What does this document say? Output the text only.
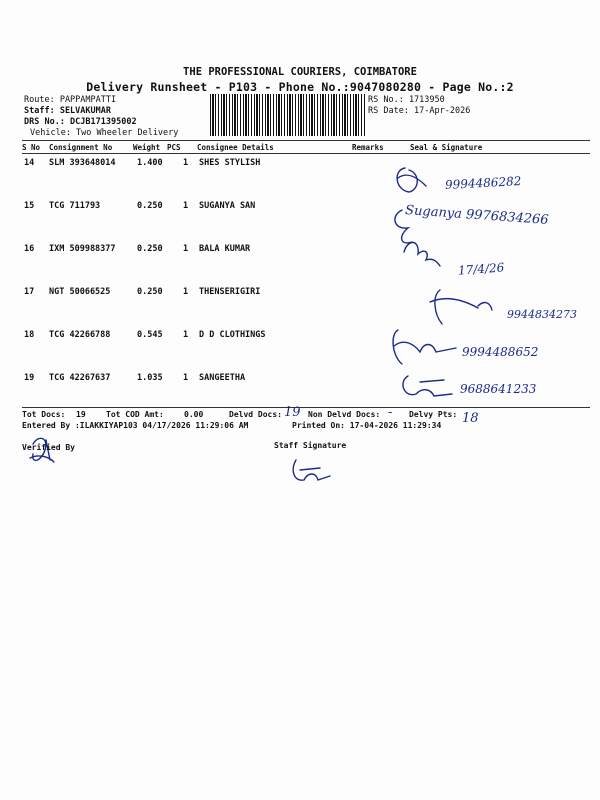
THE PROFESSIONAL COURIERS, COIMBATORE
Delivery Runsheet - P103 - Phone No.:9047080280 - Page No.:2
Route: PAPPAMPATTI
Staff: SELVAKUMAR
DRS No.: DCJB171395002
Vehicle: Two Wheeler Delivery
RS No.: 1713950
RS Date: 17-Apr-2026
S No Consignment No	Weight PCS Consignee Details	Remarks	Seal & Signature
14 SLM 393648014	1.400 1 SHES STYLISH
15 TCG 711793	0.250 1 SUGANYA SAN
16 IXM 509988377	0.250 1 BALA KUMAR
17 NGT 50066525	0.250 1 THENSERIGIRI
18 TCG 42266788	0.545 1 D D CLOTHINGS
19 TCG 42267637	1.035 1 SANGEETHA
9994486282
Suganya 9976834266
17/4/26
9944834273
9994488652
9688641233
Tot Docs: 19	Tot COD Amt:	0.00	Delvd Docs: 19 Non Delvd Docs: - Delvy Pts: 18
Entered By :ILAKKIYAP103 04/17/2026 11:29:06 AM	Printed On: 17-04-2026 11:29:34
Verified By	Staff Signature
